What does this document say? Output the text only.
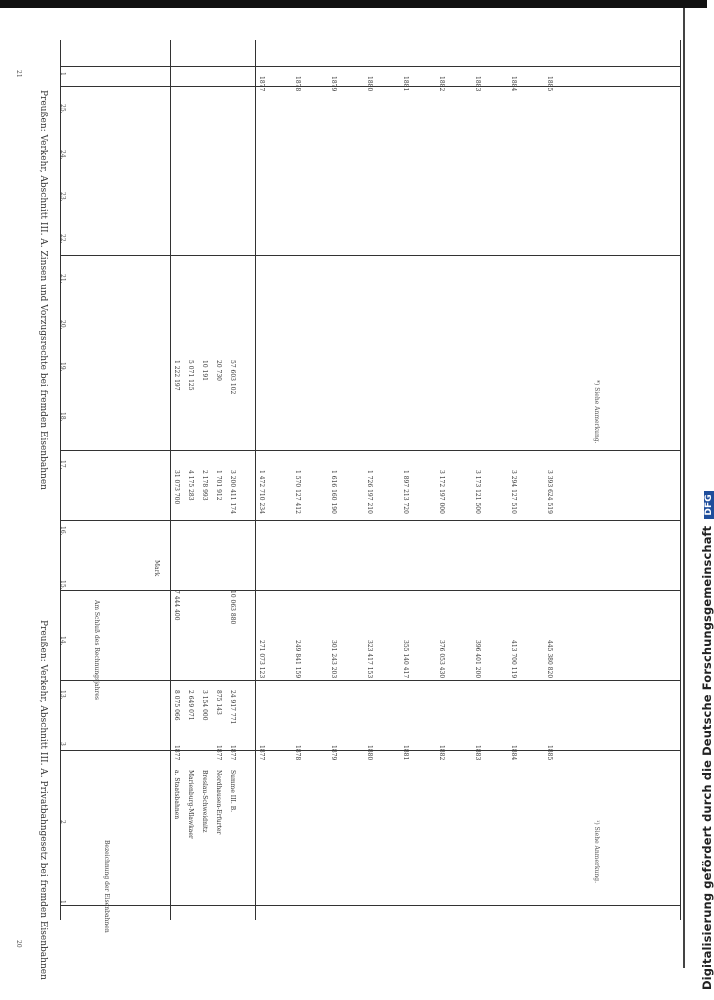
Digitalisierung gefördert durch die Deutsche Forschungsgemeinschaft DFG
Preußen: Verkehr, Abschnitt III. A. Privatbahngesetz bei fremden Eisenbahnen
Preußen: Verkehr, Abschnitt III. A. Zinsen und Vorzugsrechte bei fremden Eisenbahnen
1
2
3
13.
14.
15.
16.
17.
18.
19.
20.
21.
22.
23.
24.
25.
1
Bezeichnung der Eisenbahnen
Am Schluß des Rechnungsjahres
Mark
a. Staatsbahnen
1877
8 075 066
7 444 400
31 073 700
1 222 197
Marienburg-Mlawkaer
2 649 071
4 175 283
5 071 125
Breslau-Schweidnitz
3 154 000
2 178 993
10 191
Nordhausen-Erfurter
1877
875 143
1 701 912
20 730
Summe III. B.
1877
24 917 771
10 063 880
3 200 411 174
57 603 102
1877
271 073 123
1 472 710 234
1877
1878
249 841 159
1 570 127 412
1878
1879
301 243 203
1 616 160 190
1879
1880
323 417 153
1 726 197 210
1880
1881
355 140 417
1 897 213 720
1881
1882
376 053 430
3 172 197 000
1882
1883
396 401 200
3 173 121 500
1883
1884
413 700 119
3 294 127 510
1884
1885
445 380 820
3 393 624 519
1885
¹) Siehe Anmerkung.
*) Siehe Anmerkung.
20
21
